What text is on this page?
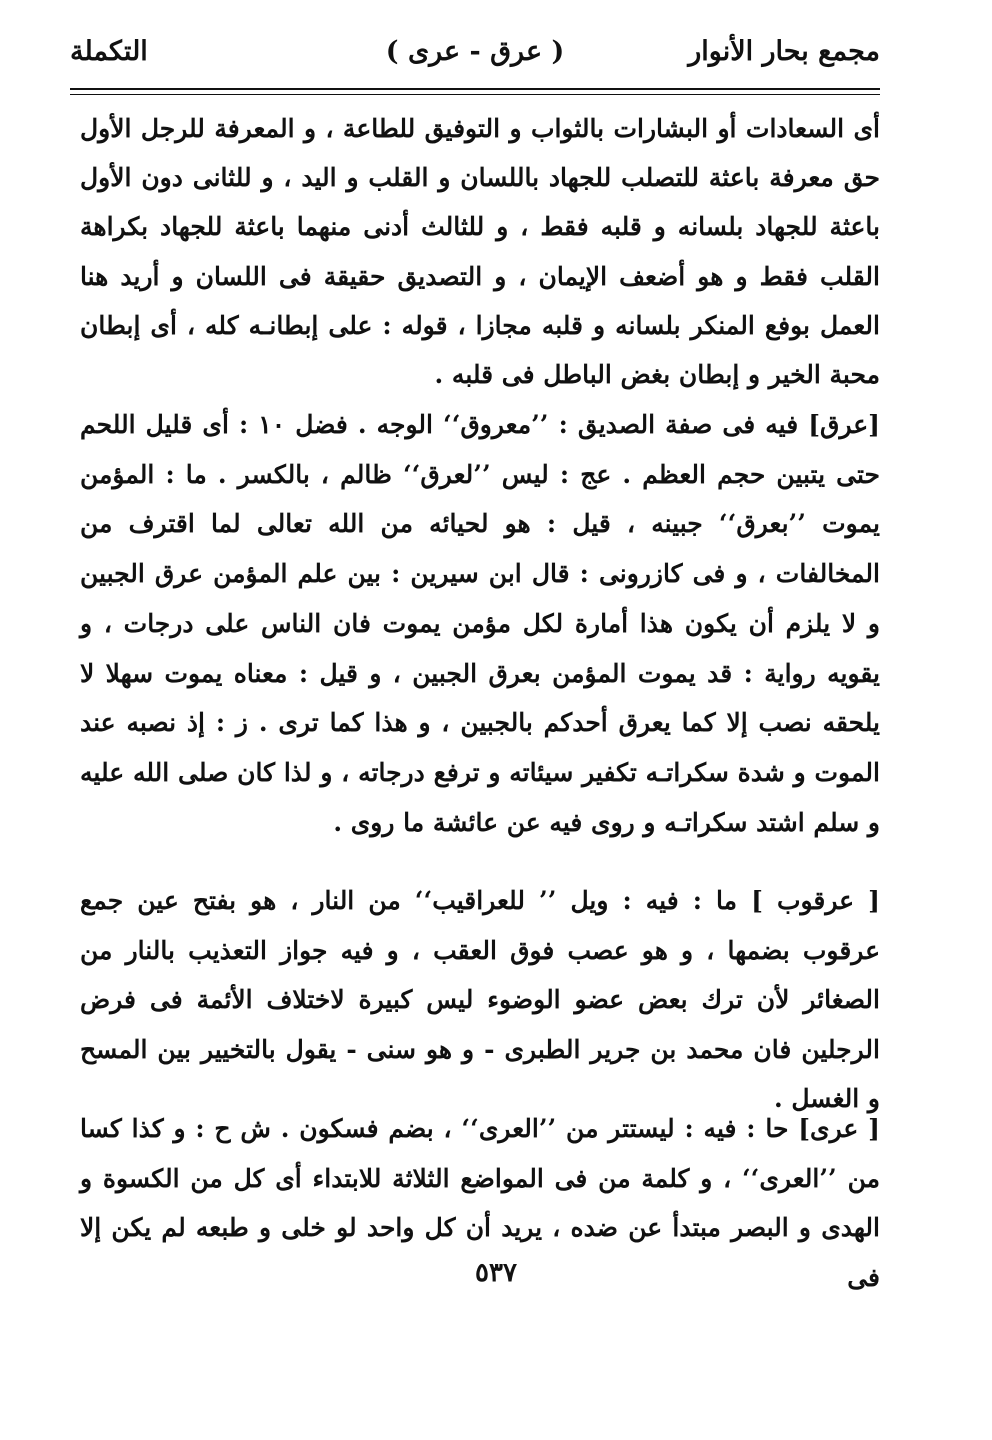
مجمع بحار الأنوار
( عرق - عرى )
التكملة

أى السعادات أو البشارات بالثواب و التوفيق للطاعة ، و المعرفة للرجل الأول حق معرفة باعثة للتصلب للجهاد باللسان و القلب و اليد ، و للثانى دون الأول باعثة للجهاد بلسانه و قلبه فقط ، و للثالث أدنى منهما باعثة للجهاد بكراهة القلب فقط و هو أضعف الإيمان ، و التصديق حقيقة فى اللسان و أريد هنا العمل بوفع المنكر بلسانه و قلبه مجازا ، قوله : على إبطانـه كله ، أى إبطان محبة الخير و إبطان بغض الباطل فى قلبه .

[عرق] فيه فى صفة الصديق : ’’معروق‘‘ الوجه . فضل ١٠ : أى قليل اللحم حتى يتبين حجم العظم . عج : ليس ’’لعرق‘‘ ظالم ، بالكسر . ما : المؤمن يموت ’’بعرق‘‘ جبينه ، قيل : هو لحيائه من الله تعالى لما اقترف من المخالفات ، و فى كازرونى : قال ابن سيرين : بين علم المؤمن عرق الجبين و لا يلزم أن يكون هذا أمارة لكل مؤمن يموت فان الناس على درجات ، و يقويه رواية : قد يموت المؤمن بعرق الجبين ، و قيل : معناه يموت سهلا لا يلحقه نصب إلا كما يعرق أحدكم بالجبين ، و هذا كما ترى . ز : إذ نصبه عند الموت و شدة سكراتـه تكفير سيئاته و ترفع درجاته ، و لذا كان صلى الله عليه و سلم اشتد سكراتـه و روى فيه عن عائشة ما روى .

[ عرقوب ] ما : فيه : ويل ’’ للعراقيب‘‘ من النار ، هو بفتح عين جمع عرقوب بضمها ، و هو عصب فوق العقب ، و فيه جواز التعذيب بالنار من الصغائر لأن ترك بعض عضو الوضوء ليس كبيرة لاختلاف الأئمة فى فرض الرجلين فان محمد بن جرير الطبرى - و هو سنى - يقول بالتخيير بين المسح و الغسل .

[ عرى] حا : فيه : ليستتر من ’’العرى‘‘ ، بضم فسكون . ش ح : و كذا كسا من ’’العرى‘‘ ، و كلمة من فى المواضع الثلاثة للابتداء أى كل من الكسوة و الهدى و البصر مبتدأ عن ضده ، يريد أن كل واحد لو خلى و طبعه لم يكن إلا فى

٥٣٧
